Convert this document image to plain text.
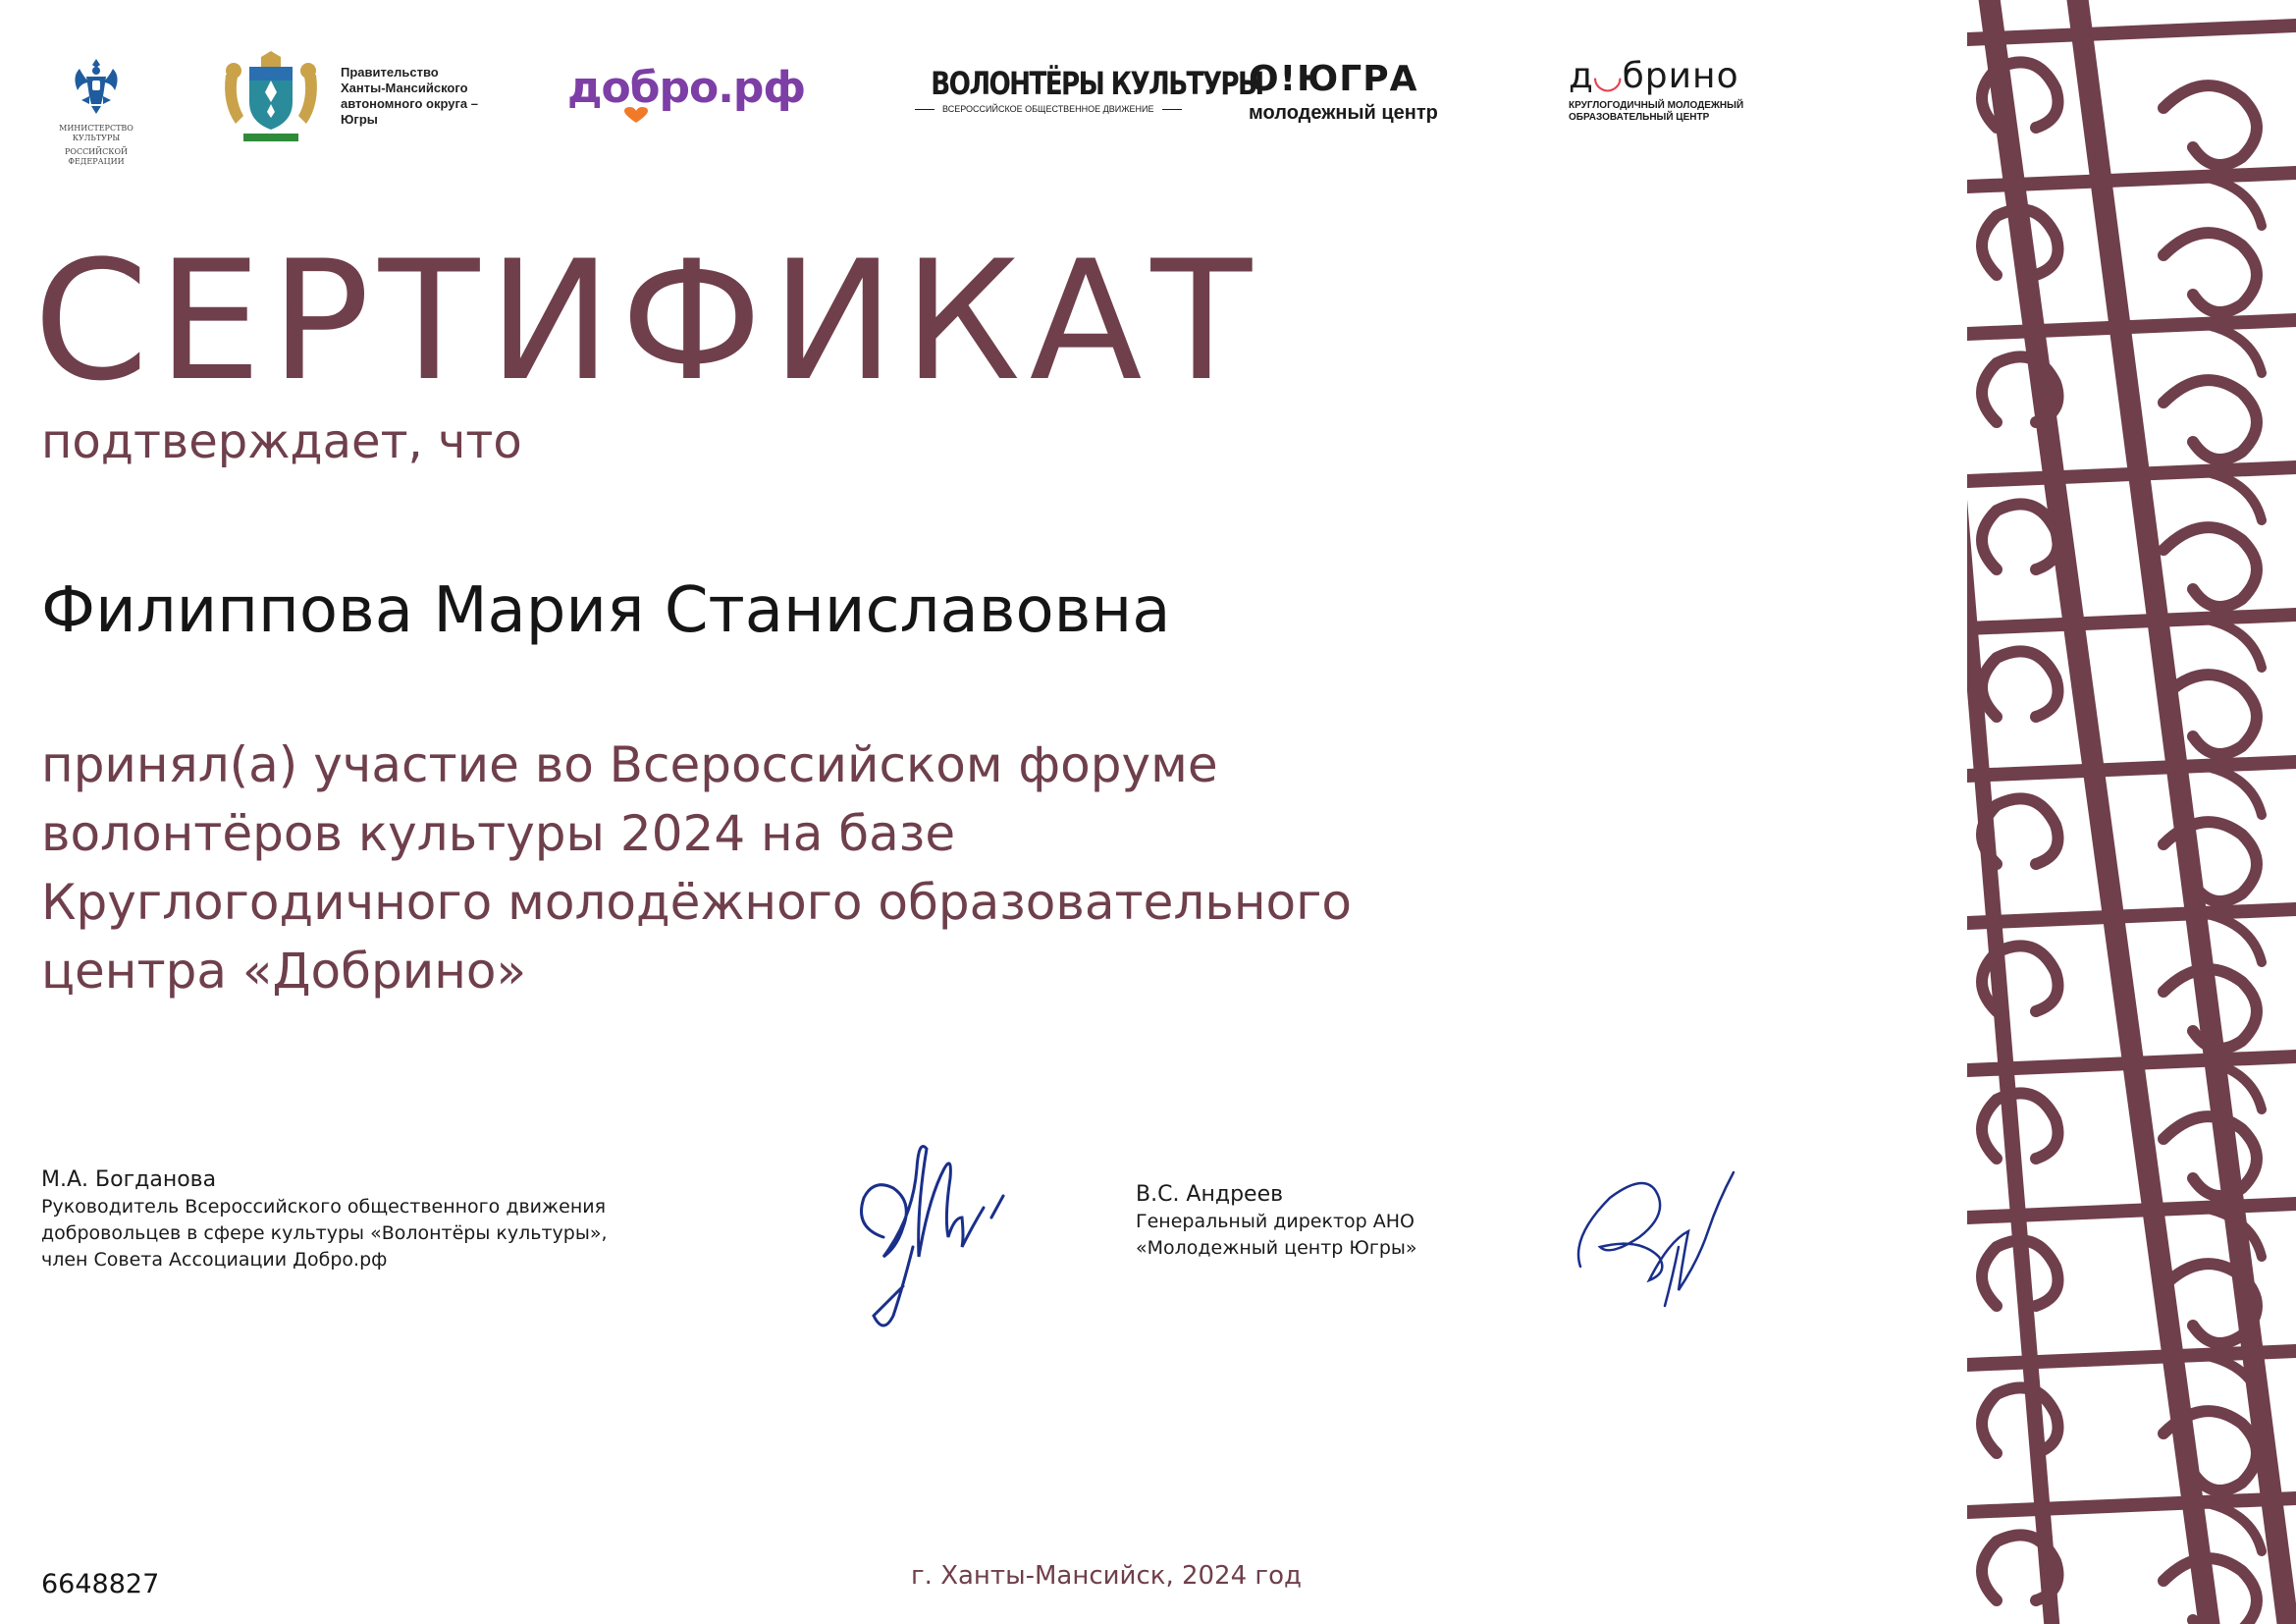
МИНИСТЕРСТВО КУЛЬТУРЫ
РОССИЙСКОЙ ФЕДЕРАЦИИ
Правительство
Ханты-Мансийского
автономного округа –
Югры
добро.рф	ВОЛОНТЁРЫ КУЛЬТУРЫ
ВСЕРОССИЙСКОЕ ОБЩЕСТВЕННОЕ ДВИЖЕНИЕ
О!ЮГРА
молодежный центр
д◡брино
КРУГЛОГОДИЧНЫЙ МОЛОДЕЖНЫЙ
ОБРАЗОВАТЕЛЬНЫЙ ЦЕНТР
СЕРТИФИКАТ
подтверждает, что
Филиппова Мария Станиславовна
принял(а) участие во Всероссийском форуме
волонтёров культуры 2024 на базе
Круглогодичного молодёжного образовательного
центра «Добрино»
М.А. Богданова
Руководитель Всероссийского общественного движения
добровольцев в сфере культуры «Волонтёры культуры»,
член Совета Ассоциации Добро.рф
В.С. Андреев
Генеральный директор АНО
«Молодежный центр Югры»
6648827	г. Ханты-Мансийск, 2024 год
